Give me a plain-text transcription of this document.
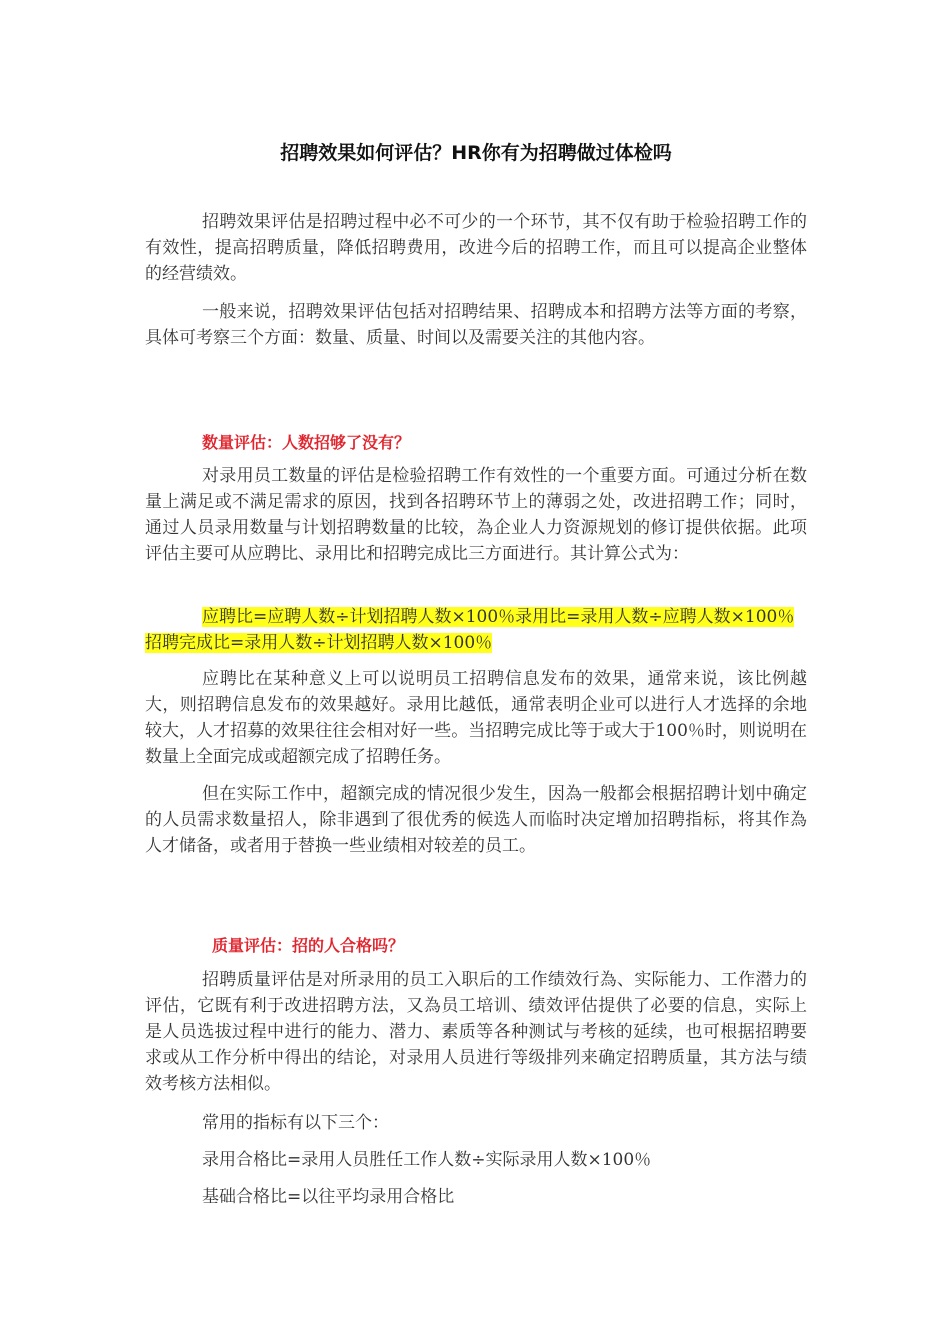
招聘效果如何评估？HR你有为招聘做过体检吗

招聘效果评估是招聘过程中必不可少的一个环节，其不仅有助于检验招聘工作的有效性，提高招聘质量，降低招聘费用，改进今后的招聘工作，而且可以提高企业整体的经营绩效。

一般来说，招聘效果评估包括对招聘结果、招聘成本和招聘方法等方面的考察，具体可考察三个方面：数量、质量、时间以及需要关注的其他内容。

数量评估：人数招够了没有？

对录用员工数量的评估是检验招聘工作有效性的一个重要方面。可通过分析在数量上满足或不满足需求的原因，找到各招聘环节上的薄弱之处，改进招聘工作；同时，通过人员录用数量与计划招聘数量的比较，為企业人力资源规划的修订提供依据。此项评估主要可从应聘比、录用比和招聘完成比三方面进行。其计算公式为：

应聘比=应聘人数÷计划招聘人数×100％录用比=录用人数÷应聘人数×100％招聘完成比=录用人数÷计划招聘人数×100％

应聘比在某种意义上可以说明员工招聘信息发布的效果，通常来说，该比例越大，则招聘信息发布的效果越好。录用比越低，通常表明企业可以进行人才选择的余地较大，人才招募的效果往往会相对好一些。当招聘完成比等于或大于100％时，则说明在数量上全面完成或超额完成了招聘任务。

但在实际工作中，超额完成的情况很少发生，因為一般都会根据招聘计划中确定的人员需求数量招人，除非遇到了很优秀的候选人而临时决定增加招聘指标，将其作為人才储备，或者用于替换一些业绩相对较差的员工。

质量评估：招的人合格吗？

招聘质量评估是对所录用的员工入职后的工作绩效行為、实际能力、工作潜力的评估，它既有利于改进招聘方法，又為员工培训、绩效评估提供了必要的信息，实际上是人员选拔过程中进行的能力、潜力、素质等各种测试与考核的延续，也可根据招聘要求或从工作分析中得出的结论，对录用人员进行等级排列来确定招聘质量，其方法与绩效考核方法相似。

常用的指标有以下三个：

录用合格比=录用人员胜任工作人数÷实际录用人数×100％

基础合格比=以往平均录用合格比
